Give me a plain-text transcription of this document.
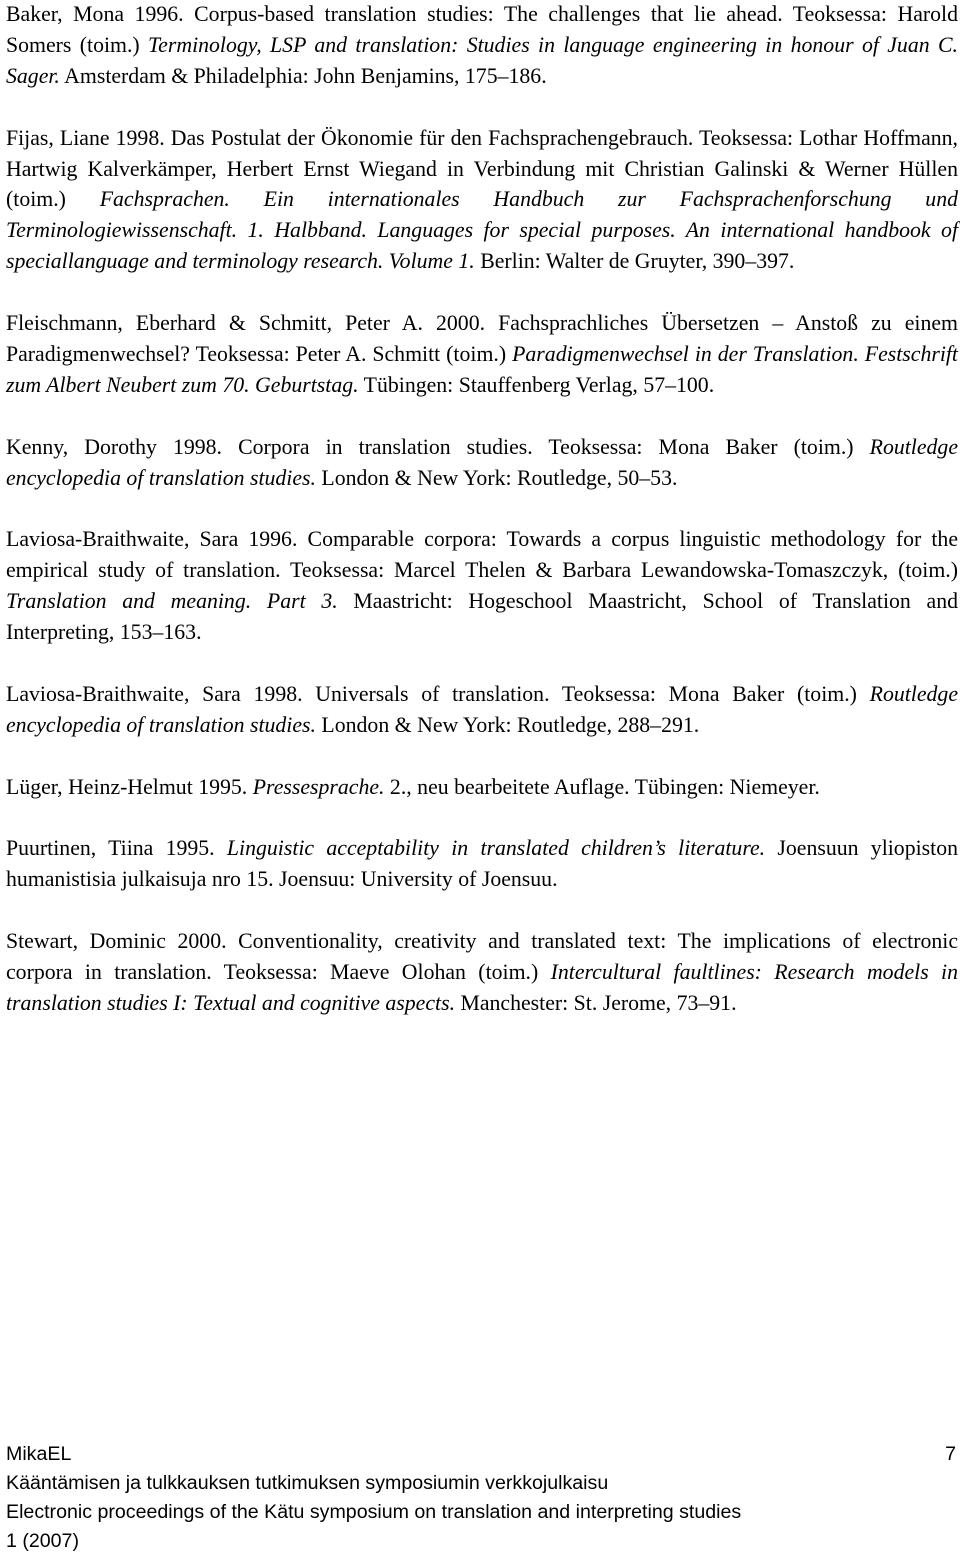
Baker, Mona 1996. Corpus-based translation studies: The challenges that lie ahead. Teoksessa: Harold Somers (toim.) Terminology, LSP and translation: Studies in language engineering in honour of Juan C. Sager. Amsterdam & Philadelphia: John Benjamins, 175–186.

Fijas, Liane 1998. Das Postulat der Ökonomie für den Fachsprachengebrauch. Teoksessa: Lothar Hoffmann, Hartwig Kalverkämper, Herbert Ernst Wiegand in Verbindung mit Christian Galinski & Werner Hüllen (toim.) Fachsprachen. Ein internationales Handbuch zur Fachsprachenforschung und Terminologiewissenschaft. 1. Halbband. Languages for special purposes. An international handbook of speciallanguage and terminology research. Volume 1. Berlin: Walter de Gruyter, 390–397.

Fleischmann, Eberhard & Schmitt, Peter A. 2000. Fachsprachliches Übersetzen – Anstoß zu einem Paradigmenwechsel? Teoksessa: Peter A. Schmitt (toim.) Paradigmenwechsel in der Translation. Festschrift zum Albert Neubert zum 70. Geburtstag. Tübingen: Stauffenberg Verlag, 57–100.

Kenny, Dorothy 1998. Corpora in translation studies. Teoksessa: Mona Baker (toim.) Routledge encyclopedia of translation studies. London & New York: Routledge, 50–53.

Laviosa-Braithwaite, Sara 1996. Comparable corpora: Towards a corpus linguistic methodology for the empirical study of translation. Teoksessa: Marcel Thelen & Barbara Lewandowska-Tomaszczyk, (toim.) Translation and meaning. Part 3. Maastricht: Hogeschool Maastricht, School of Translation and Interpreting, 153–163.

Laviosa-Braithwaite, Sara 1998. Universals of translation. Teoksessa: Mona Baker (toim.) Routledge encyclopedia of translation studies. London & New York: Routledge, 288–291.

Lüger, Heinz-Helmut 1995. Pressesprache. 2., neu bearbeitete Auflage. Tübingen: Niemeyer.

Puurtinen, Tiina 1995. Linguistic acceptability in translated children’s literature. Joensuun yliopiston humanistisia julkaisuja nro 15. Joensuu: University of Joensuu.

Stewart, Dominic 2000. Conventionality, creativity and translated text: The implications of electronic corpora in translation. Teoksessa: Maeve Olohan (toim.) Intercultural faultlines: Research models in translation studies I: Textual and cognitive aspects. Manchester: St. Jerome, 73–91.

MikaEL	7
Kääntämisen ja tulkkauksen tutkimuksen symposiumin verkkojulkaisu
Electronic proceedings of the Kätu symposium on translation and interpreting studies
1 (2007)
